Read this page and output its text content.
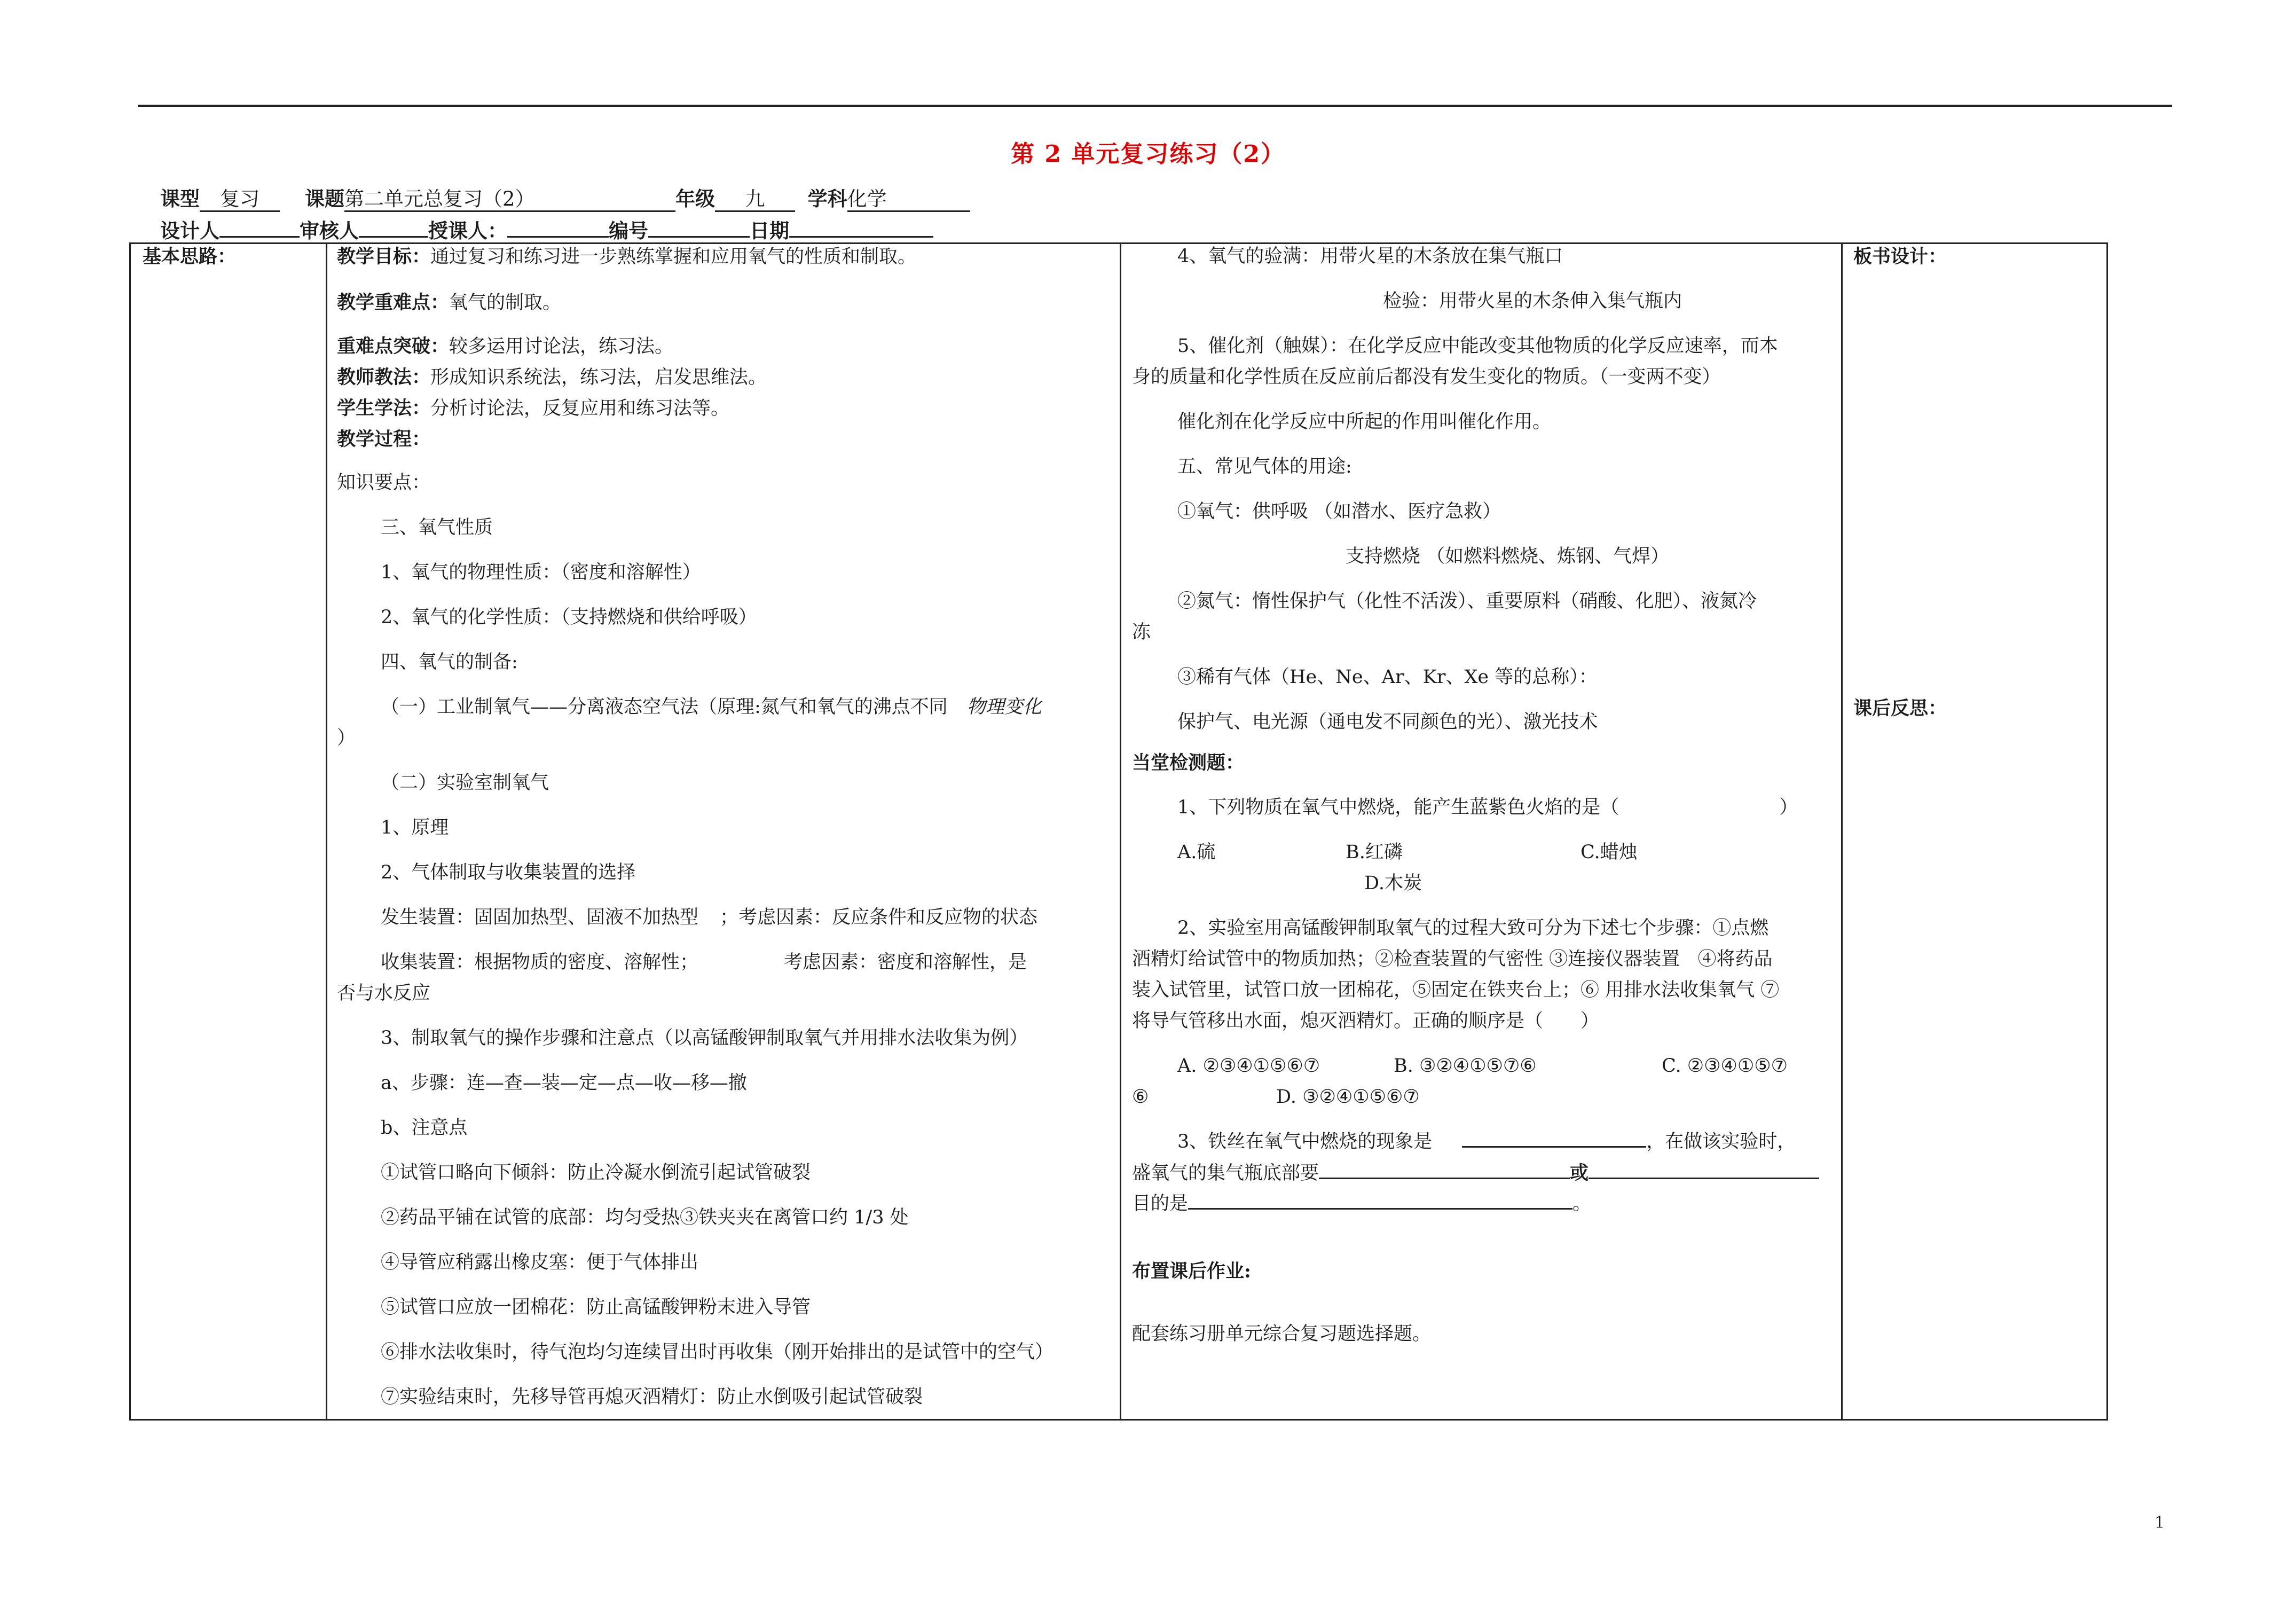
第 2 单元复习练习（2）
课型 复习 课题第二单元总复习（2）	年级 九 学科化学
设计人	审核人	授课人：	编号	日期
基本思路：	教学目标：通过复习和练习进一步熟练掌握和应用氧气的性质和制取。
教学重难点：氧气的制取。
重难点突破：较多运用讨论法，练习法。
教师教法：形成知识系统法，练习法，启发思维法。
学生学法：分析讨论法，反复应用和练习法等。
教学过程：
知识要点：
三、氧气性质
1、氧气的物理性质：（密度和溶解性）
2、氧气的化学性质：（支持燃烧和供给呼吸）
四、氧气的制备:
（一）工业制氧气——分离液态空气法（原理:氮气和氧气的沸点不同 物理变化
）
（二）实验室制氧气
1、原理
2、气体制取与收集装置的选择
发生装置：固固加热型、固液不加热型 ；考虑因素：反应条件和反应物的状态
收集装置：根据物质的密度、溶解性；	考虑因素：密度和溶解性，是
否与水反应
3、制取氧气的操作步骤和注意点（以高锰酸钾制取氧气并用排水法收集为例）
a、步骤：连—查—装—定—点—收—移—撤
b、注意点
①试管口略向下倾斜：防止冷凝水倒流引起试管破裂
②药品平铺在试管的底部：均匀受热③铁夹夹在离管口约 1/3 处
④导管应稍露出橡皮塞：便于气体排出
⑤试管口应放一团棉花：防止高锰酸钾粉末进入导管
⑥排水法收集时，待气泡均匀连续冒出时再收集（刚开始排出的是试管中的空气）
⑦实验结束时，先移导管再熄灭酒精灯：防止水倒吸引起试管破裂
4、氧气的验满：用带火星的木条放在集气瓶口
检验：用带火星的木条伸入集气瓶内
5、催化剂（触媒）：在化学反应中能改变其他物质的化学反应速率，而本
身的质量和化学性质在反应前后都没有发生变化的物质。（一变两不变）
催化剂在化学反应中所起的作用叫催化作用。
五、常见气体的用途:
①氧气：供呼吸 （如潜水、医疗急救）
支持燃烧 （如燃料燃烧、炼钢、气焊）
②氮气：惰性保护气（化性不活泼）、重要原料（硝酸、化肥）、液氮冷
冻
③稀有气体（He、Ne、Ar、Kr、Xe 等的总称）：
保护气、电光源（通电发不同颜色的光）、激光技术
当堂检测题：
1、下列物质在氧气中燃烧，能产生蓝紫色火焰的是（	）
A.硫	B.红磷	C.蜡烛
D.木炭
2、实验室用高锰酸钾制取氧气的过程大致可分为下述七个步骤：①点燃
酒精灯给试管中的物质加热；②检查装置的气密性 ③连接仪器装置   ④将药品
装入试管里，试管口放一团棉花，⑤固定在铁夹台上；⑥ 用排水法收集氧气 ⑦
将导气管移出水面，熄灭酒精灯。正确的顺序是（ ）
A. ②③④①⑤⑥⑦	B. ③②④①⑤⑦⑥	C. ②③④①⑤⑦
⑥	D. ③②④①⑤⑥⑦
3、铁丝在氧气中燃烧的现象是	，在做该实验时，
盛氧气的集气瓶底部要	或
目的是	。
布置课后作业:
配套练习册单元综合复习题选择题。
板书设计：
课后反思：
1
